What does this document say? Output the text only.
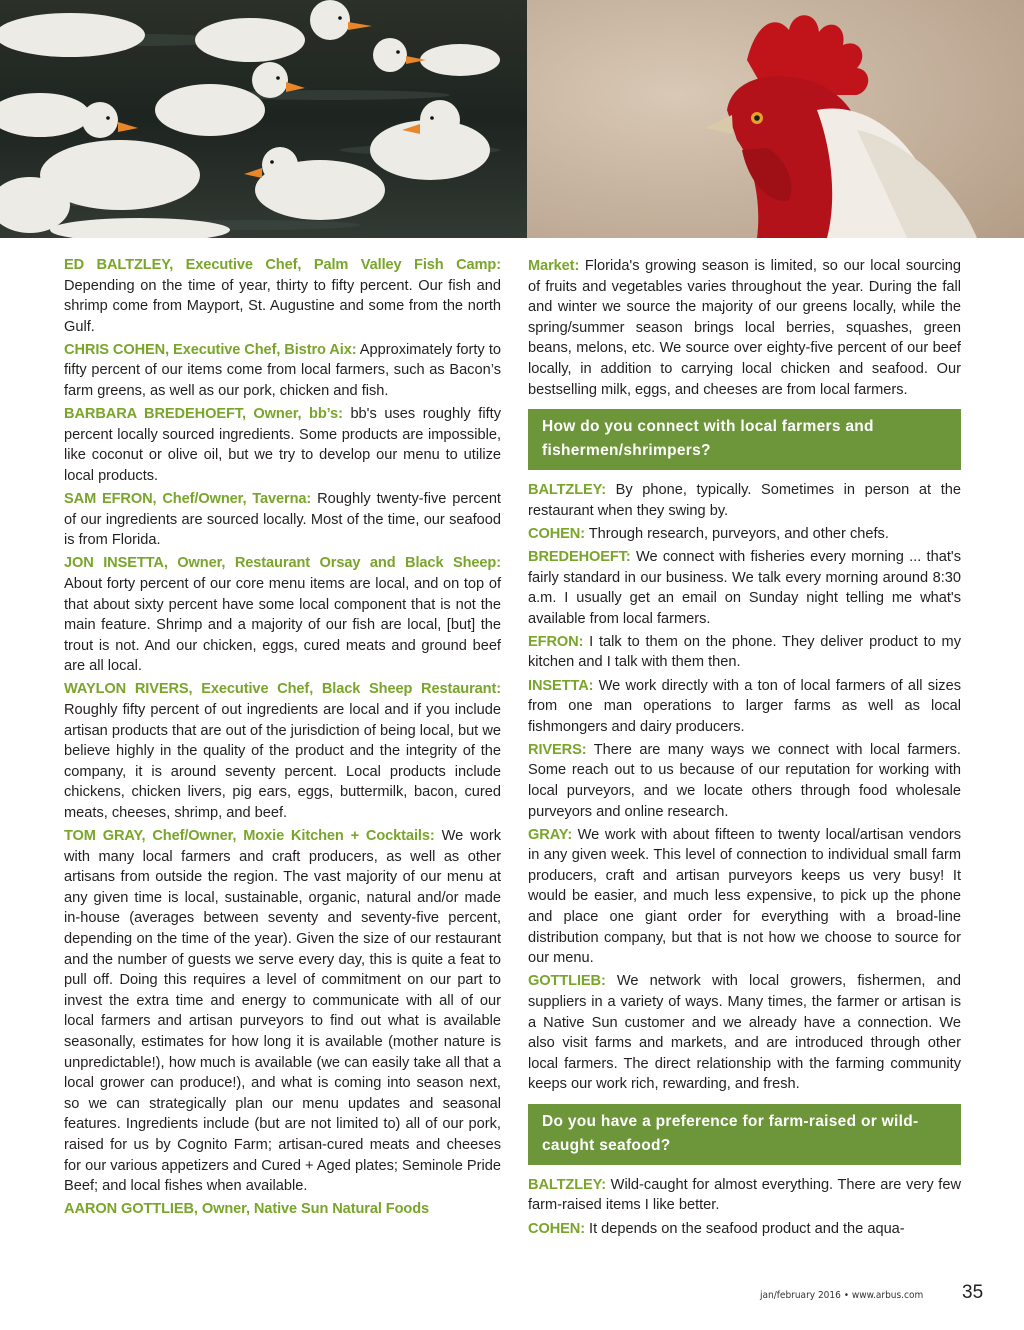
ED BALTZLEY, Executive Chef, Palm Valley Fish Camp: Depending on the time of year, thirty to fifty percent. Our fish and shrimp come from Mayport, St. Augustine and some from the north Gulf.

CHRIS COHEN, Executive Chef, Bistro Aix: Approximately forty to fifty percent of our items come from local farmers, such as Bacon’s farm greens, as well as our pork, chicken and fish.

BARBARA BREDEHOEFT, Owner, bb’s: bb's uses roughly fifty percent locally sourced ingredients. Some products are impossible, like coconut or olive oil, but we try to develop our menu to utilize local products.

SAM EFRON, Chef/Owner, Taverna: Roughly twenty-five percent of our ingredients are sourced locally. Most of the time, our seafood is from Florida.

JON INSETTA, Owner, Restaurant Orsay and Black Sheep: About forty percent of our core menu items are local, and on top of that about sixty percent have some local component that is not the main feature. Shrimp and a majority of our fish are local, [but] the trout is not. And our chicken, eggs, cured meats and ground beef are all local.

WAYLON RIVERS, Executive Chef, Black Sheep Restaurant: Roughly fifty percent of out ingredients are local and if you include artisan products that are out of the jurisdiction of being local, but we believe highly in the quality of the product and the integrity of the company, it is around seventy percent. Local products include chickens, chicken livers, pig ears, eggs, buttermilk, bacon, cured meats, cheeses, shrimp, and beef.

TOM GRAY, Chef/Owner, Moxie Kitchen + Cocktails: We work with many local farmers and craft producers, as well as other artisans from outside the region. The vast majority of our menu at any given time is local, sustainable, organic, natural and/or made in-house (averages between seventy and seventy-five percent, depending on the time of the year). Given the size of our restaurant and the number of guests we serve every day, this is quite a feat to pull off. Doing this requires a level of commitment on our part to invest the extra time and energy to communicate with all of our local farmers and artisan purveyors to find out what is available seasonally, estimates for how long it is available (mother nature is unpredictable!), how much is available (we can easily take all that a local grower can produce!), and what is coming into season next, so we can strategically plan our menu updates and seasonal features. Ingredients include (but are not limited to) all of our pork, raised for us by Cognito Farm; artisan-cured meats and cheeses for our various appetizers and Cured + Aged plates; Seminole Pride Beef; and local fishes when available.

AARON GOTTLIEB, Owner, Native Sun Natural Foods

Market: Florida's growing season is limited, so our local sourcing of fruits and vegetables varies throughout the year. During the fall and winter we source the majority of our greens locally, while the spring/summer season brings local berries, squashes, green beans, melons, etc. We source over eighty-five percent of our beef locally, in addition to carrying local chicken and seafood. Our bestselling milk, eggs, and cheeses are from local farmers.

How do you connect with local farmers and fishermen/shrimpers?

BALTZLEY: By phone, typically. Sometimes in person at the restaurant when they swing by.

COHEN: Through research, purveyors, and other chefs.

BREDEHOEFT: We connect with fisheries every morning ... that's fairly standard in our business. We talk every morning around 8:30 a.m. I usually get an email on Sunday night telling me what's available from local farmers.

EFRON: I talk to them on the phone. They deliver product to my kitchen and I talk with them then.

INSETTA: We work directly with a ton of local farmers of all sizes from one man operations to larger farms as well as local fishmongers and dairy producers.

RIVERS: There are many ways we connect with local farmers. Some reach out to us because of our reputation for working with local purveyors, and we locate others through food wholesale purveyors and online research.

GRAY: We work with about fifteen to twenty local/artisan vendors in any given week. This level of connection to individual small farm producers, craft and artisan purveyors keeps us very busy! It would be easier, and much less expensive, to pick up the phone and place one giant order for everything with a broad-line distribution company, but that is not how we choose to source for our menu.

GOTTLIEB: We network with local growers, fishermen, and suppliers in a variety of ways. Many times, the farmer or artisan is a Native Sun customer and we already have a connection. We also visit farms and markets, and are introduced through other local farmers. The direct relationship with the farming community keeps our work rich, rewarding, and fresh.

Do you have a preference for farm-raised or wild-caught seafood?

BALTZLEY: Wild-caught for almost everything. There are very few farm-raised items I like better.

COHEN: It depends on the seafood product and the aqua-

jan/february 2016 • www.arbus.com 35
